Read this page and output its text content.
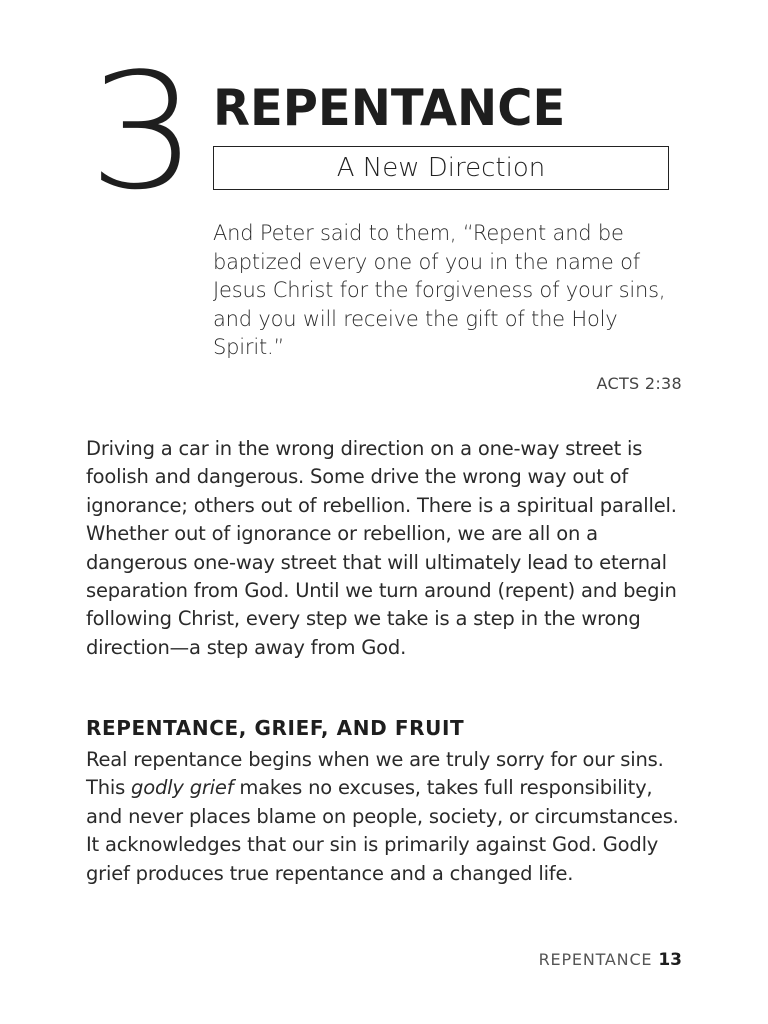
3 REPENTANCE
A New Direction
And Peter said to them, “Repent and be baptized every one of you in the name of Jesus Christ for the forgiveness of your sins, and you will receive the gift of the Holy Spirit.”
ACTS 2:38
Driving a car in the wrong direction on a one-way street is foolish and dangerous. Some drive the wrong way out of ignorance; others out of rebellion. There is a spiritual parallel. Whether out of ignorance or rebellion, we are all on a dangerous one-way street that will ultimately lead to eternal separation from God. Until we turn around (repent) and begin following Christ, every step we take is a step in the wrong direction—a step away from God.
REPENTANCE, GRIEF, AND FRUIT
Real repentance begins when we are truly sorry for our sins. This godly grief makes no excuses, takes full responsibility, and never places blame on people, society, or circumstances. It acknowledges that our sin is primarily against God. Godly grief produces true repentance and a changed life.
REPENTANCE 13
